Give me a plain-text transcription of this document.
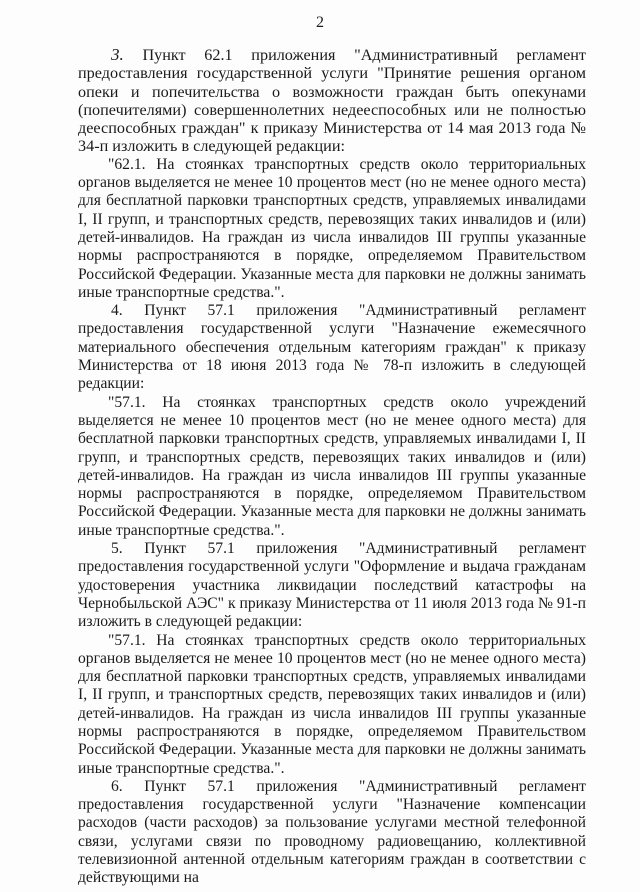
2

3. Пункт 62.1 приложения "Административный регламент предоставления государственной услуги "Принятие решения органом опеки и попечительства о возможности граждан быть опекунами (попечителями) совершеннолетних недееспособных или не полностью дееспособных граждан" к приказу Министерства от 14 мая 2013 года № 34-п изложить в следующей редакции:

"62.1. На стоянках транспортных средств около территориальных органов выделяется не менее 10 процентов мест (но не менее одного места) для бесплатной парковки транспортных средств, управляемых инвалидами I, II групп, и транспортных средств, перевозящих таких инвалидов и (или) детей-инвалидов. На граждан из числа инвалидов III группы указанные нормы распространяются в порядке, определяемом Правительством Российской Федерации. Указанные места для парковки не должны занимать иные транспортные средства.".

4. Пункт 57.1 приложения "Административный регламент предоставления государственной услуги "Назначение ежемесячного материального обеспечения отдельным категориям граждан" к приказу Министерства от 18 июня 2013 года № 78-п изложить в следующей редакции:

"57.1. На стоянках транспортных средств около учреждений выделяется не менее 10 процентов мест (но не менее одного места) для бесплатной парковки транспортных средств, управляемых инвалидами I, II групп, и транспортных средств, перевозящих таких инвалидов и (или) детей-инвалидов. На граждан из числа инвалидов III группы указанные нормы распространяются в порядке, определяемом Правительством Российской Федерации. Указанные места для парковки не должны занимать иные транспортные средства.".

5. Пункт 57.1 приложения "Административный регламент предоставления государственной услуги "Оформление и выдача гражданам удостоверения участника ликвидации последствий катастрофы на Чернобыльской АЭС" к приказу Министерства от 11 июля 2013 года № 91-п изложить в следующей редакции:

"57.1. На стоянках транспортных средств около территориальных органов выделяется не менее 10 процентов мест (но не менее одного места) для бесплатной парковки транспортных средств, управляемых инвалидами I, II групп, и транспортных средств, перевозящих таких инвалидов и (или) детей-инвалидов. На граждан из числа инвалидов III группы указанные нормы распространяются в порядке, определяемом Правительством Российской Федерации. Указанные места для парковки не должны занимать иные транспортные средства.".

6. Пункт 57.1 приложения "Административный регламент предоставления государственной услуги "Назначение компенсации расходов (части расходов) за пользование услугами местной телефонной связи, услугами связи по проводному радиовещанию, коллективной телевизионной антенной отдельным категориям граждан в соответствии с действующими на
